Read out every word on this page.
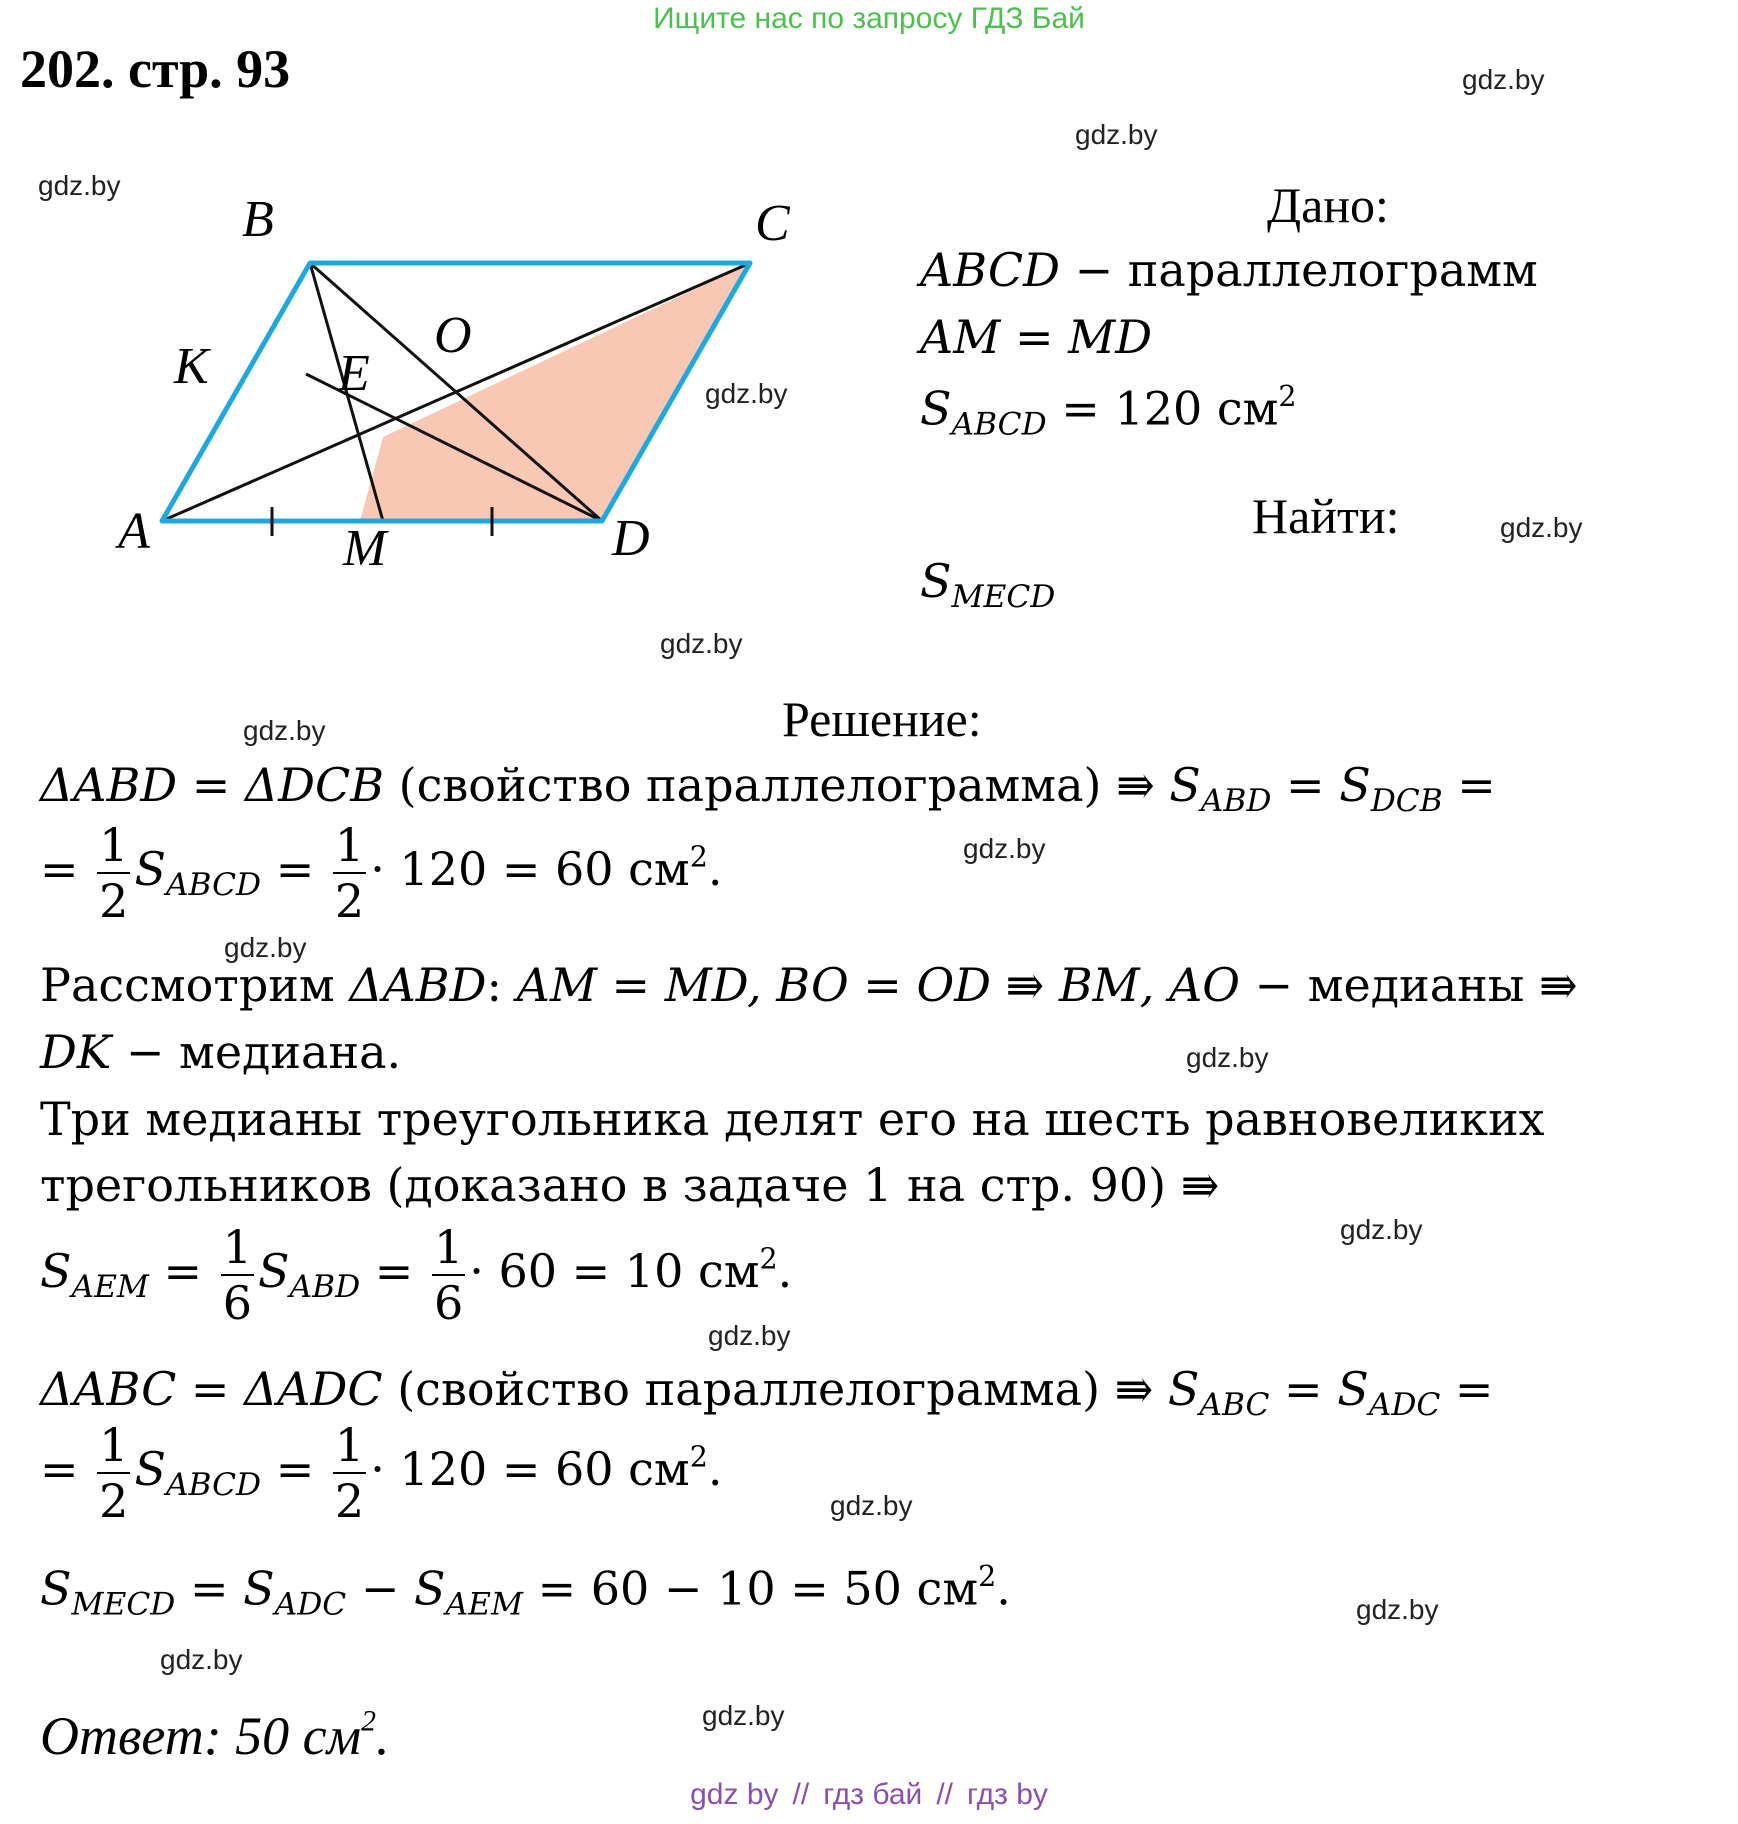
Ищите нас по запросу ГДЗ Бай
gdz by // гдз бай // гдз by
202. стр. 93	gdz.by
gdz.by
gdz.by
gdz.by
gdz.by
gdz.by
gdz.by
gdz.by
gdz.by
gdz.by
gdz.by
gdz.by
gdz.by
gdz.by
gdz.by
gdz.by
A
B	C
D
K E
O
M
Дано:
ABCD − параллелограмм
AM = MD
$S_{ABCD} = 120$ $см^2$
Найти:
$S_{MECD}$
Решение:
ΔABD = ΔDCB (свойство параллелограмма) ⇛ $S_{ABD} = S_{DCB}$ =
= $\frac{1}{2} S_{ABCD} = \frac{1}{2} \cdot 120 = 60$ $см^2$.
Рассмотрим ΔABD: AM = MD, BO = OD ⇛ BM, AO − медианы ⇛
DK − медиана.
Три медианы треугольника делят его на шесть равновеликих
трегольников (доказано в задаче 1 на стр. 90) ⇛
$S_{AEM} = \frac{1}{6} S_{ABD} = \frac{1}{6} \cdot 60 = 10$ $см^2$.
ΔABC = ΔADC (свойство параллелограмма) ⇛ $S_{ABC} = S_{ADC}$ =
= $\frac{1}{2} S_{ABCD} = \frac{1}{2} \cdot 120 = 60$ $см^2$.
$S_{MECD} = S_{ADC} - S_{AEM} = 60 - 10 = 50$ $см^2$.
Ответ: 50 $см^2$.
